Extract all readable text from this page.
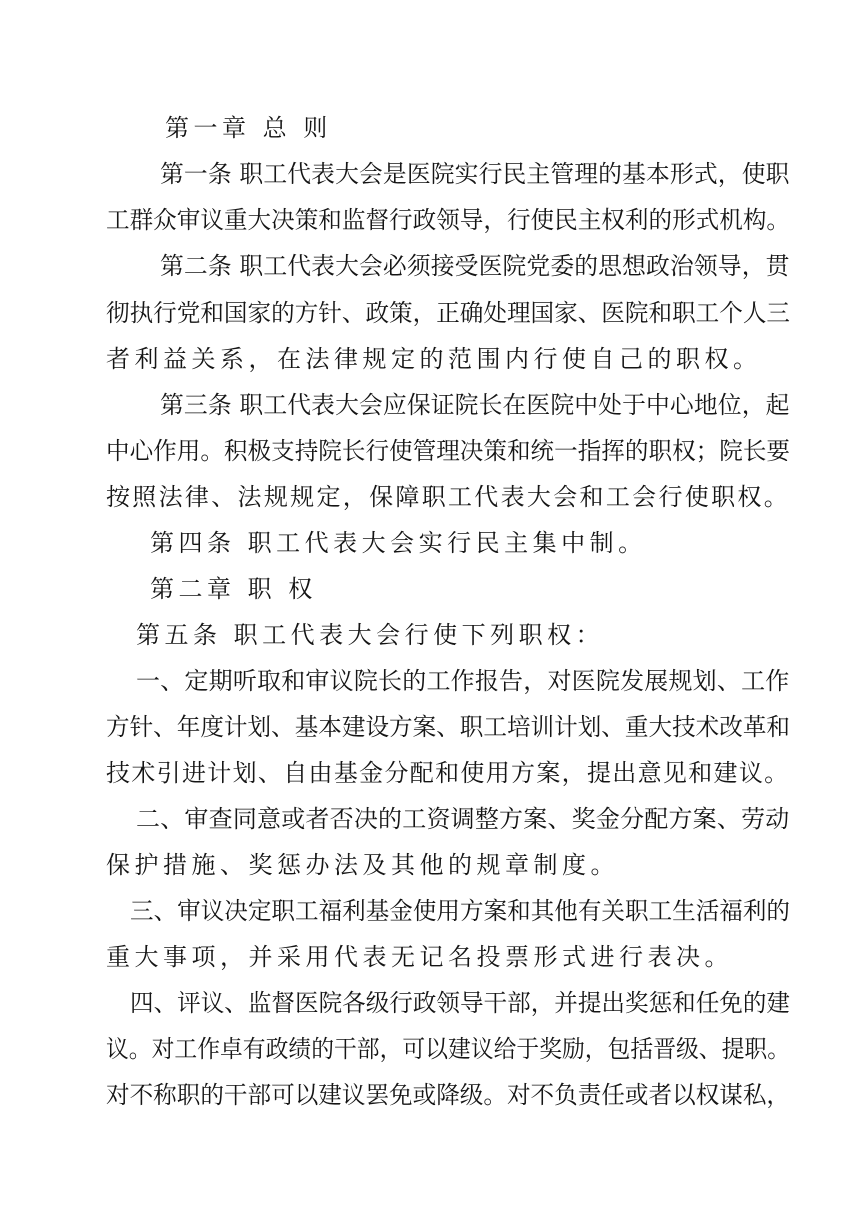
第一章 总 则
第一条 职工代表大会是医院实行民主管理的基本形式，使职
工群众审议重大决策和监督行政领导，行使民主权利的形式机构。
第二条 职工代表大会必须接受医院党委的思想政治领导，贯
彻执行党和国家的方针、政策，正确处理国家、医院和职工个人三
者利益关系，在法律规定的范围内行使自己的职权。
第三条 职工代表大会应保证院长在医院中处于中心地位，起
中心作用。积极支持院长行使管理决策和统一指挥的职权；院长要
按照法律、法规规定，保障职工代表大会和工会行使职权。
第四条 职工代表大会实行民主集中制。
第二章 职 权
第五条 职工代表大会行使下列职权：
一、定期听取和审议院长的工作报告，对医院发展规划、工作
方针、年度计划、基本建设方案、职工培训计划、重大技术改革和
技术引进计划、自由基金分配和使用方案，提出意见和建议。
二、审查同意或者否决的工资调整方案、奖金分配方案、劳动
保护措施、奖惩办法及其他的规章制度。
三、审议决定职工福利基金使用方案和其他有关职工生活福利的
重大事项，并采用代表无记名投票形式进行表决。
四、评议、监督医院各级行政领导干部，并提出奖惩和任免的建
议。对工作卓有政绩的干部，可以建议给于奖励，包括晋级、提职。
对不称职的干部可以建议罢免或降级。对不负责任或者以权谋私，
